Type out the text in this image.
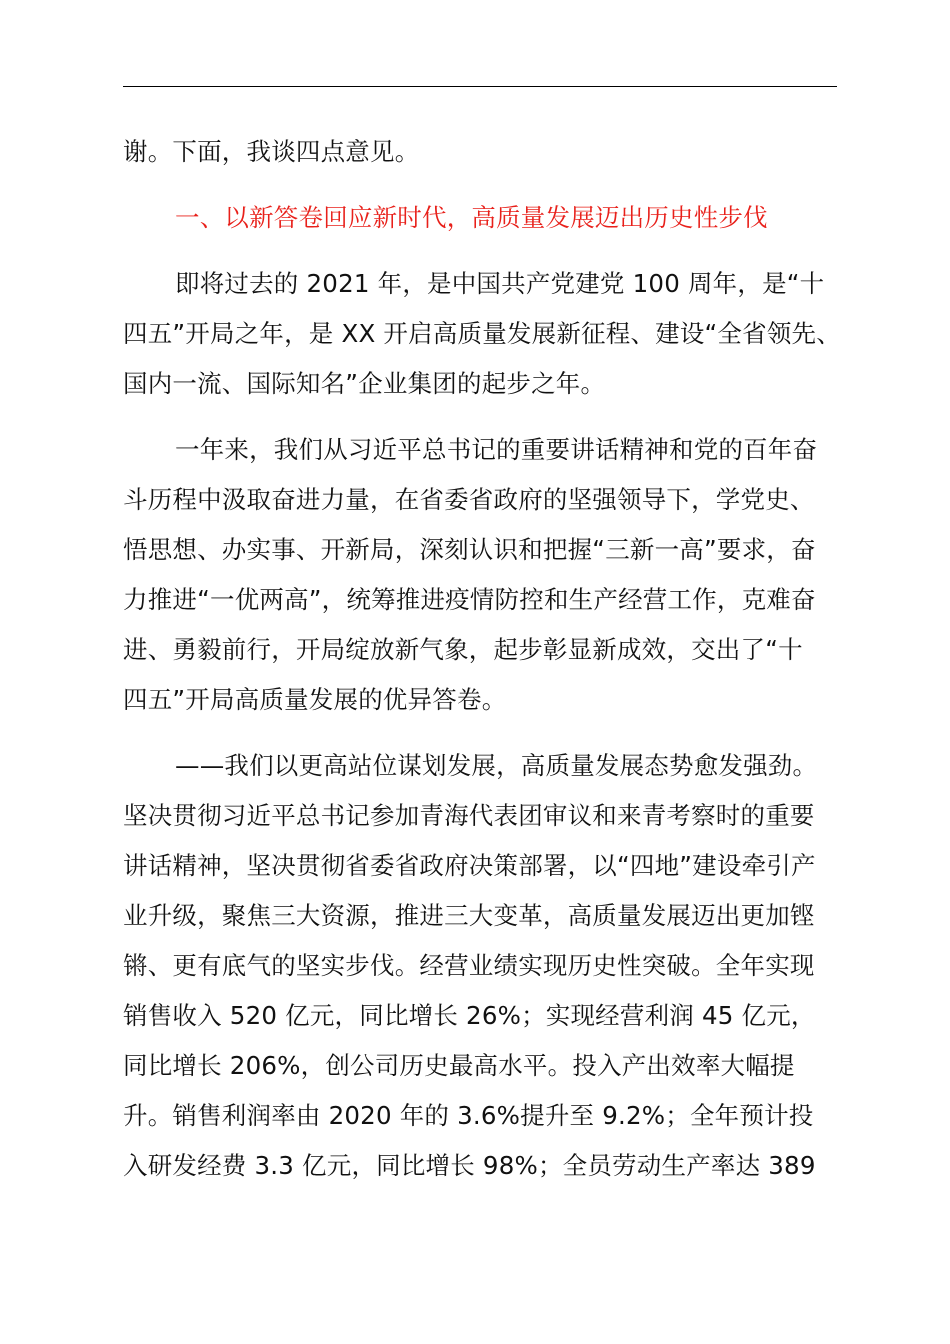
谢。下面，我谈四点意见。
一、以新答卷回应新时代，高质量发展迈出历史性步伐
即将过去的 2021 年，是中国共产党建党 100 周年，是“十
四五”开局之年，是 XX 开启高质量发展新征程、建设“全省领先、
国内一流、国际知名”企业集团的起步之年。
一年来，我们从习近平总书记的重要讲话精神和党的百年奋
斗历程中汲取奋进力量，在省委省政府的坚强领导下，学党史、
悟思想、办实事、开新局，深刻认识和把握“三新一高”要求，奋
力推进“一优两高”，统筹推进疫情防控和生产经营工作，克难奋
进、勇毅前行，开局绽放新气象，起步彰显新成效，交出了“十
四五”开局高质量发展的优异答卷。
——我们以更高站位谋划发展，高质量发展态势愈发强劲。
坚决贯彻习近平总书记参加青海代表团审议和来青考察时的重要
讲话精神，坚决贯彻省委省政府决策部署，以“四地”建设牵引产
业升级，聚焦三大资源，推进三大变革，高质量发展迈出更加铿
锵、更有底气的坚实步伐。经营业绩实现历史性突破。全年实现
销售收入 520 亿元，同比增长 26%；实现经营利润 45 亿元，
同比增长 206%，创公司历史最高水平。投入产出效率大幅提
升。销售利润率由 2020 年的 3.6%提升至 9.2%；全年预计投
入研发经费 3.3 亿元，同比增长 98%；全员劳动生产率达 389
